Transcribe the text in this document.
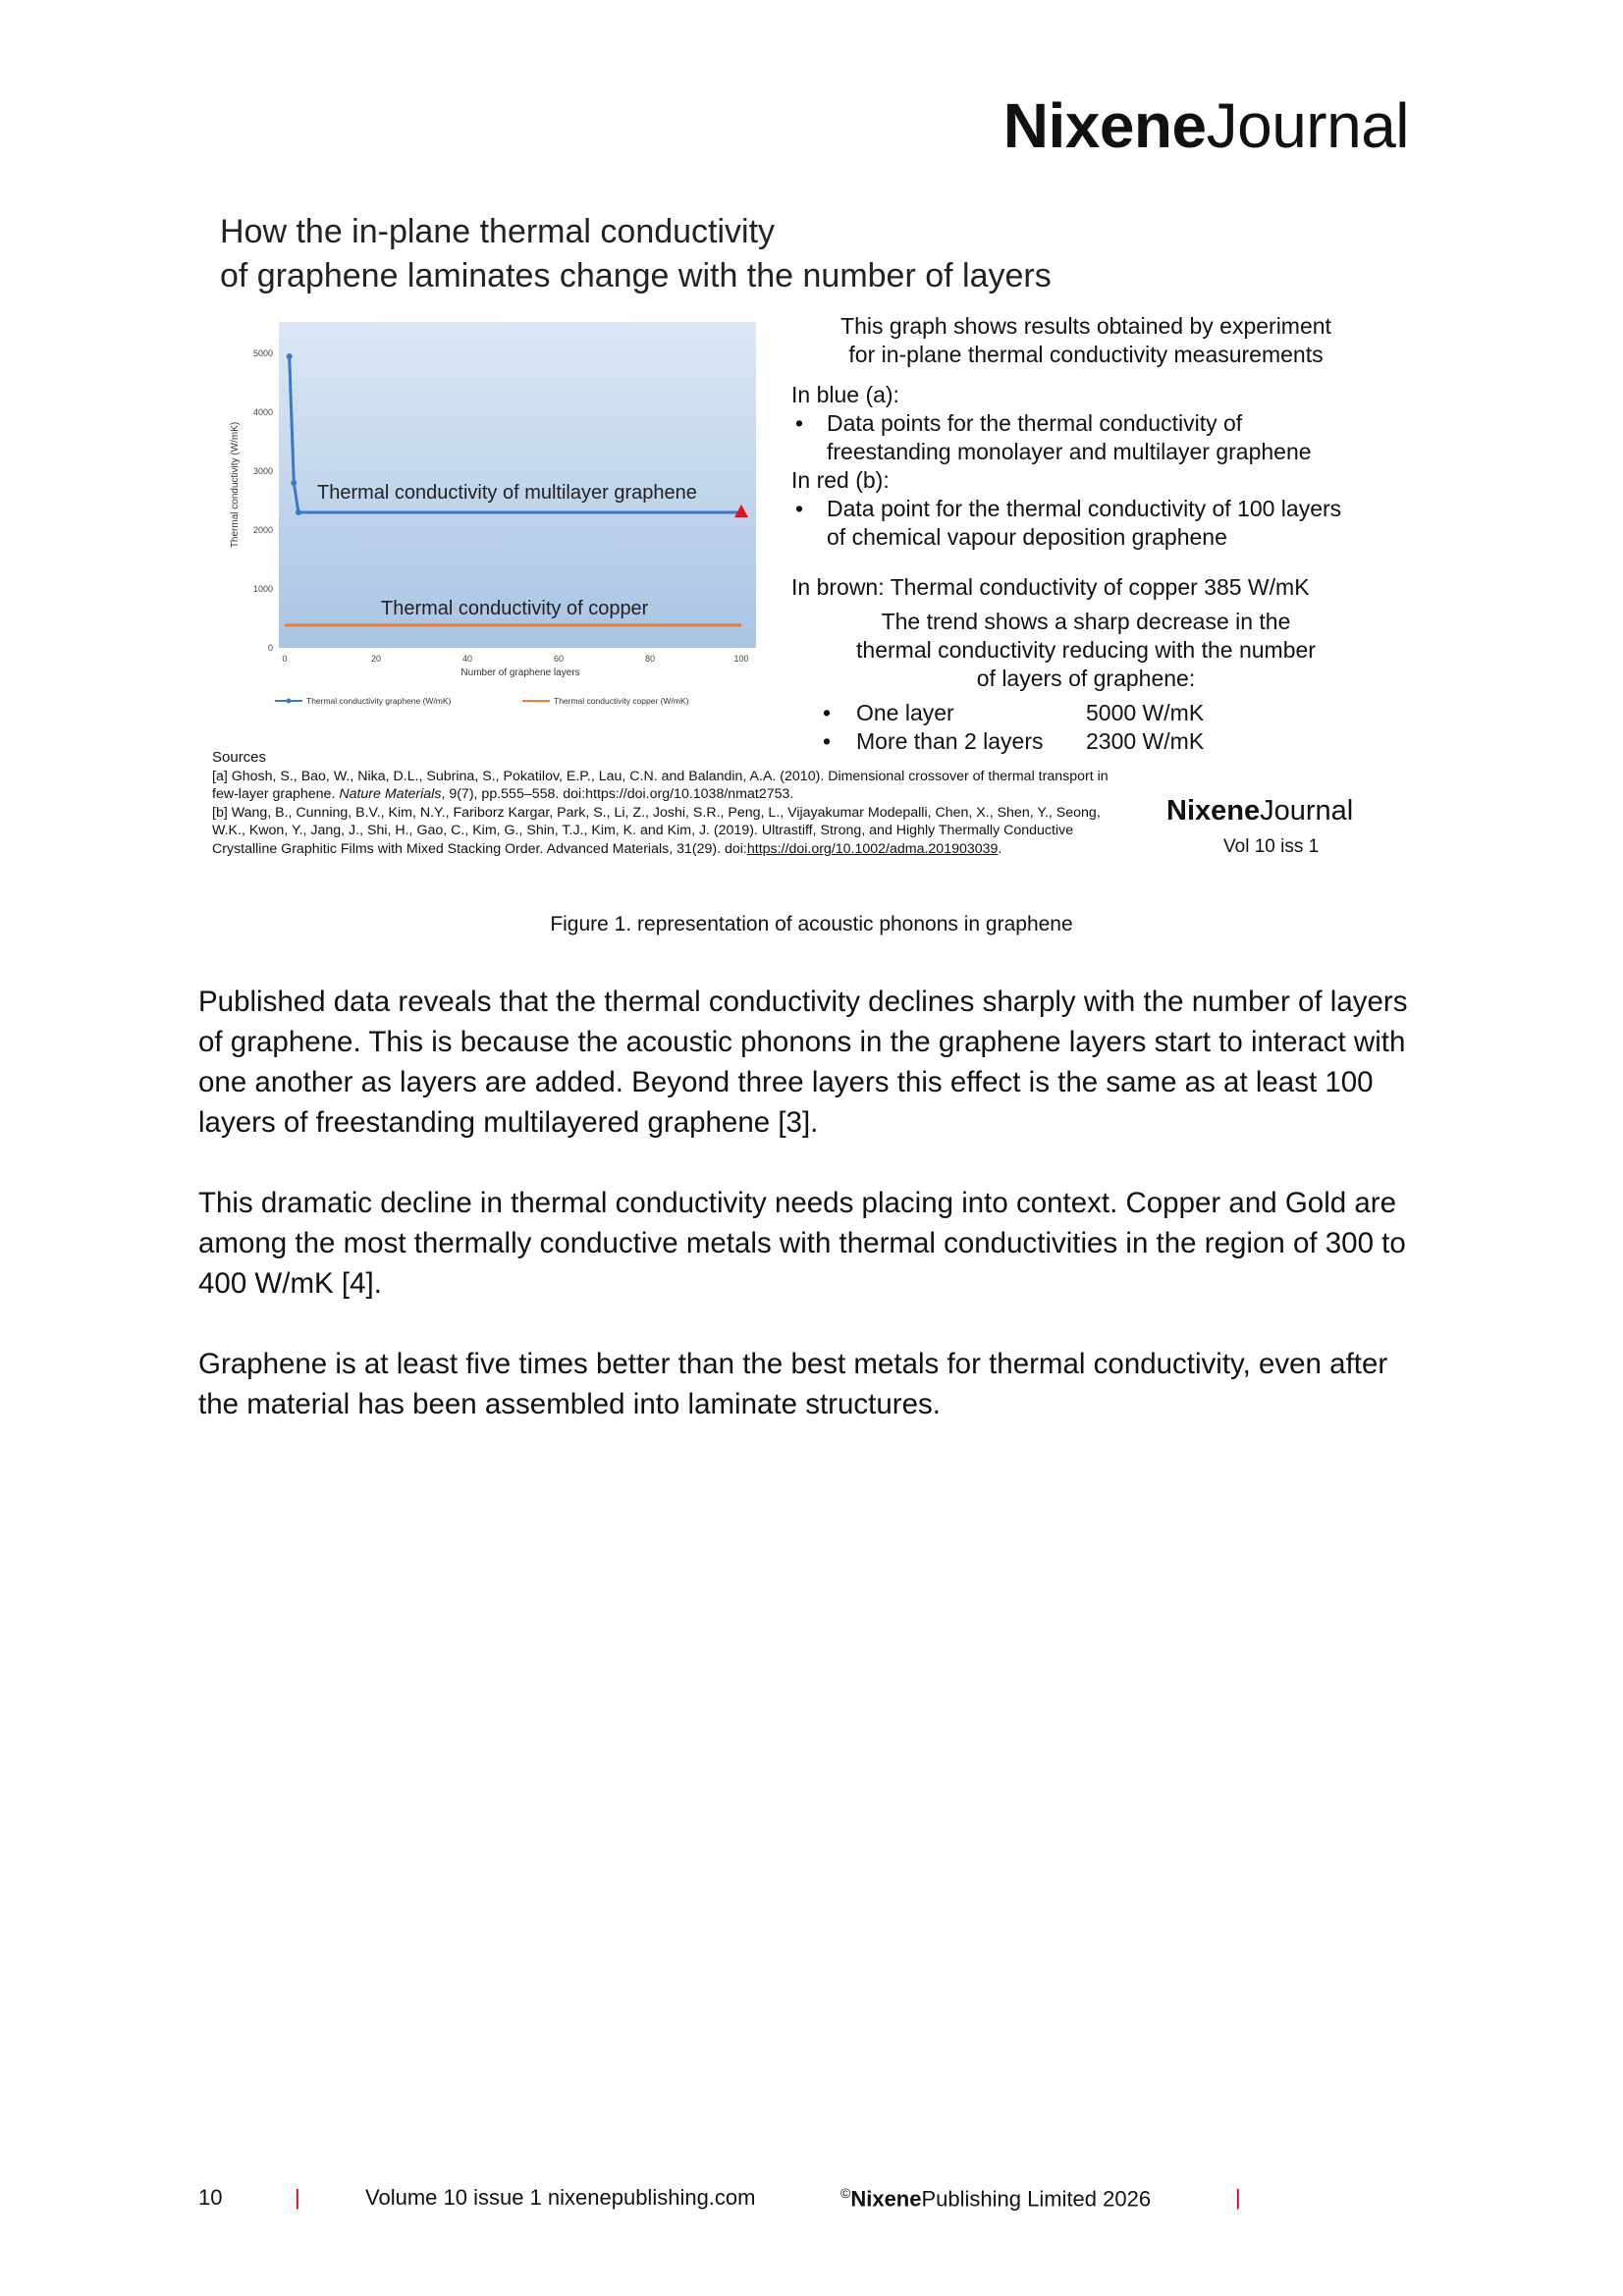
NixeneJournal
How the in-plane thermal conductivity
of graphene laminates change with the number of layers
0
1000
2000
3000
4000
5000
0	20	40	60	80	100
Thermal conductivity of multilayer graphene
Thermal conductivity of copper
Number of graphene layers
Thermal conductivity (W/mK)
Thermal conductivity graphene (W/mK)	Thermal conductivity copper (W/mK)
This graph shows results obtained by experiment
for in-plane thermal conductivity measurements
In blue (a):
• Data points for the thermal conductivity of
freestanding monolayer and multilayer graphene
In red (b):
• Data point for the thermal conductivity of 100 layers
of chemical vapour deposition graphene
In brown: Thermal conductivity of copper 385 W/mK
The trend shows a sharp decrease in the
thermal conductivity reducing with the number
of layers of graphene:
• One layer	5000 W/mK
• More than 2 layers	2300 W/mK
Sources
[a] Ghosh, S., Bao, W., Nika, D.L., Subrina, S., Pokatilov, E.P., Lau, C.N. and Balandin, A.A. (2010). Dimensional crossover of thermal transport in few-layer graphene. Nature Materials, 9(7), pp.555–558. doi:https://doi.org/10.1038/nmat2753.
[b] Wang, B., Cunning, B.V., Kim, N.Y., Fariborz Kargar, Park, S., Li, Z., Joshi, S.R., Peng, L., Vijayakumar Modepalli, Chen, X., Shen, Y., Seong,
W.K., Kwon, Y., Jang, J., Shi, H., Gao, C., Kim, G., Shin, T.J., Kim, K. and Kim, J. (2019). Ultrastiff, Strong, and Highly Thermally Conductive
Crystalline Graphitic Films with Mixed Stacking Order. Advanced Materials, 31(29). doi:https://doi.org/10.1002/adma.201903039.
NixeneJournal
Vol 10 iss 1
Figure 1. representation of acoustic phonons in graphene

Published data reveals that the thermal conductivity declines sharply with the number of layers of graphene. This is because the acoustic phonons in the graphene layers start to interact with one another as layers are added. Beyond three layers this effect is the same as at least 100 layers of freestanding multilayered graphene [3].

This dramatic decline in thermal conductivity needs placing into context. Copper and Gold are among the most thermally conductive metals with thermal conductivities in the region of 300 to 400 W/mK [4].

Graphene is at least five times better than the best metals for thermal conductivity, even after the material has been assembled into laminate structures.

10	|	Volume 10 issue 1 nixenepublishing.com	©NixenePublishing Limited 2026	|
